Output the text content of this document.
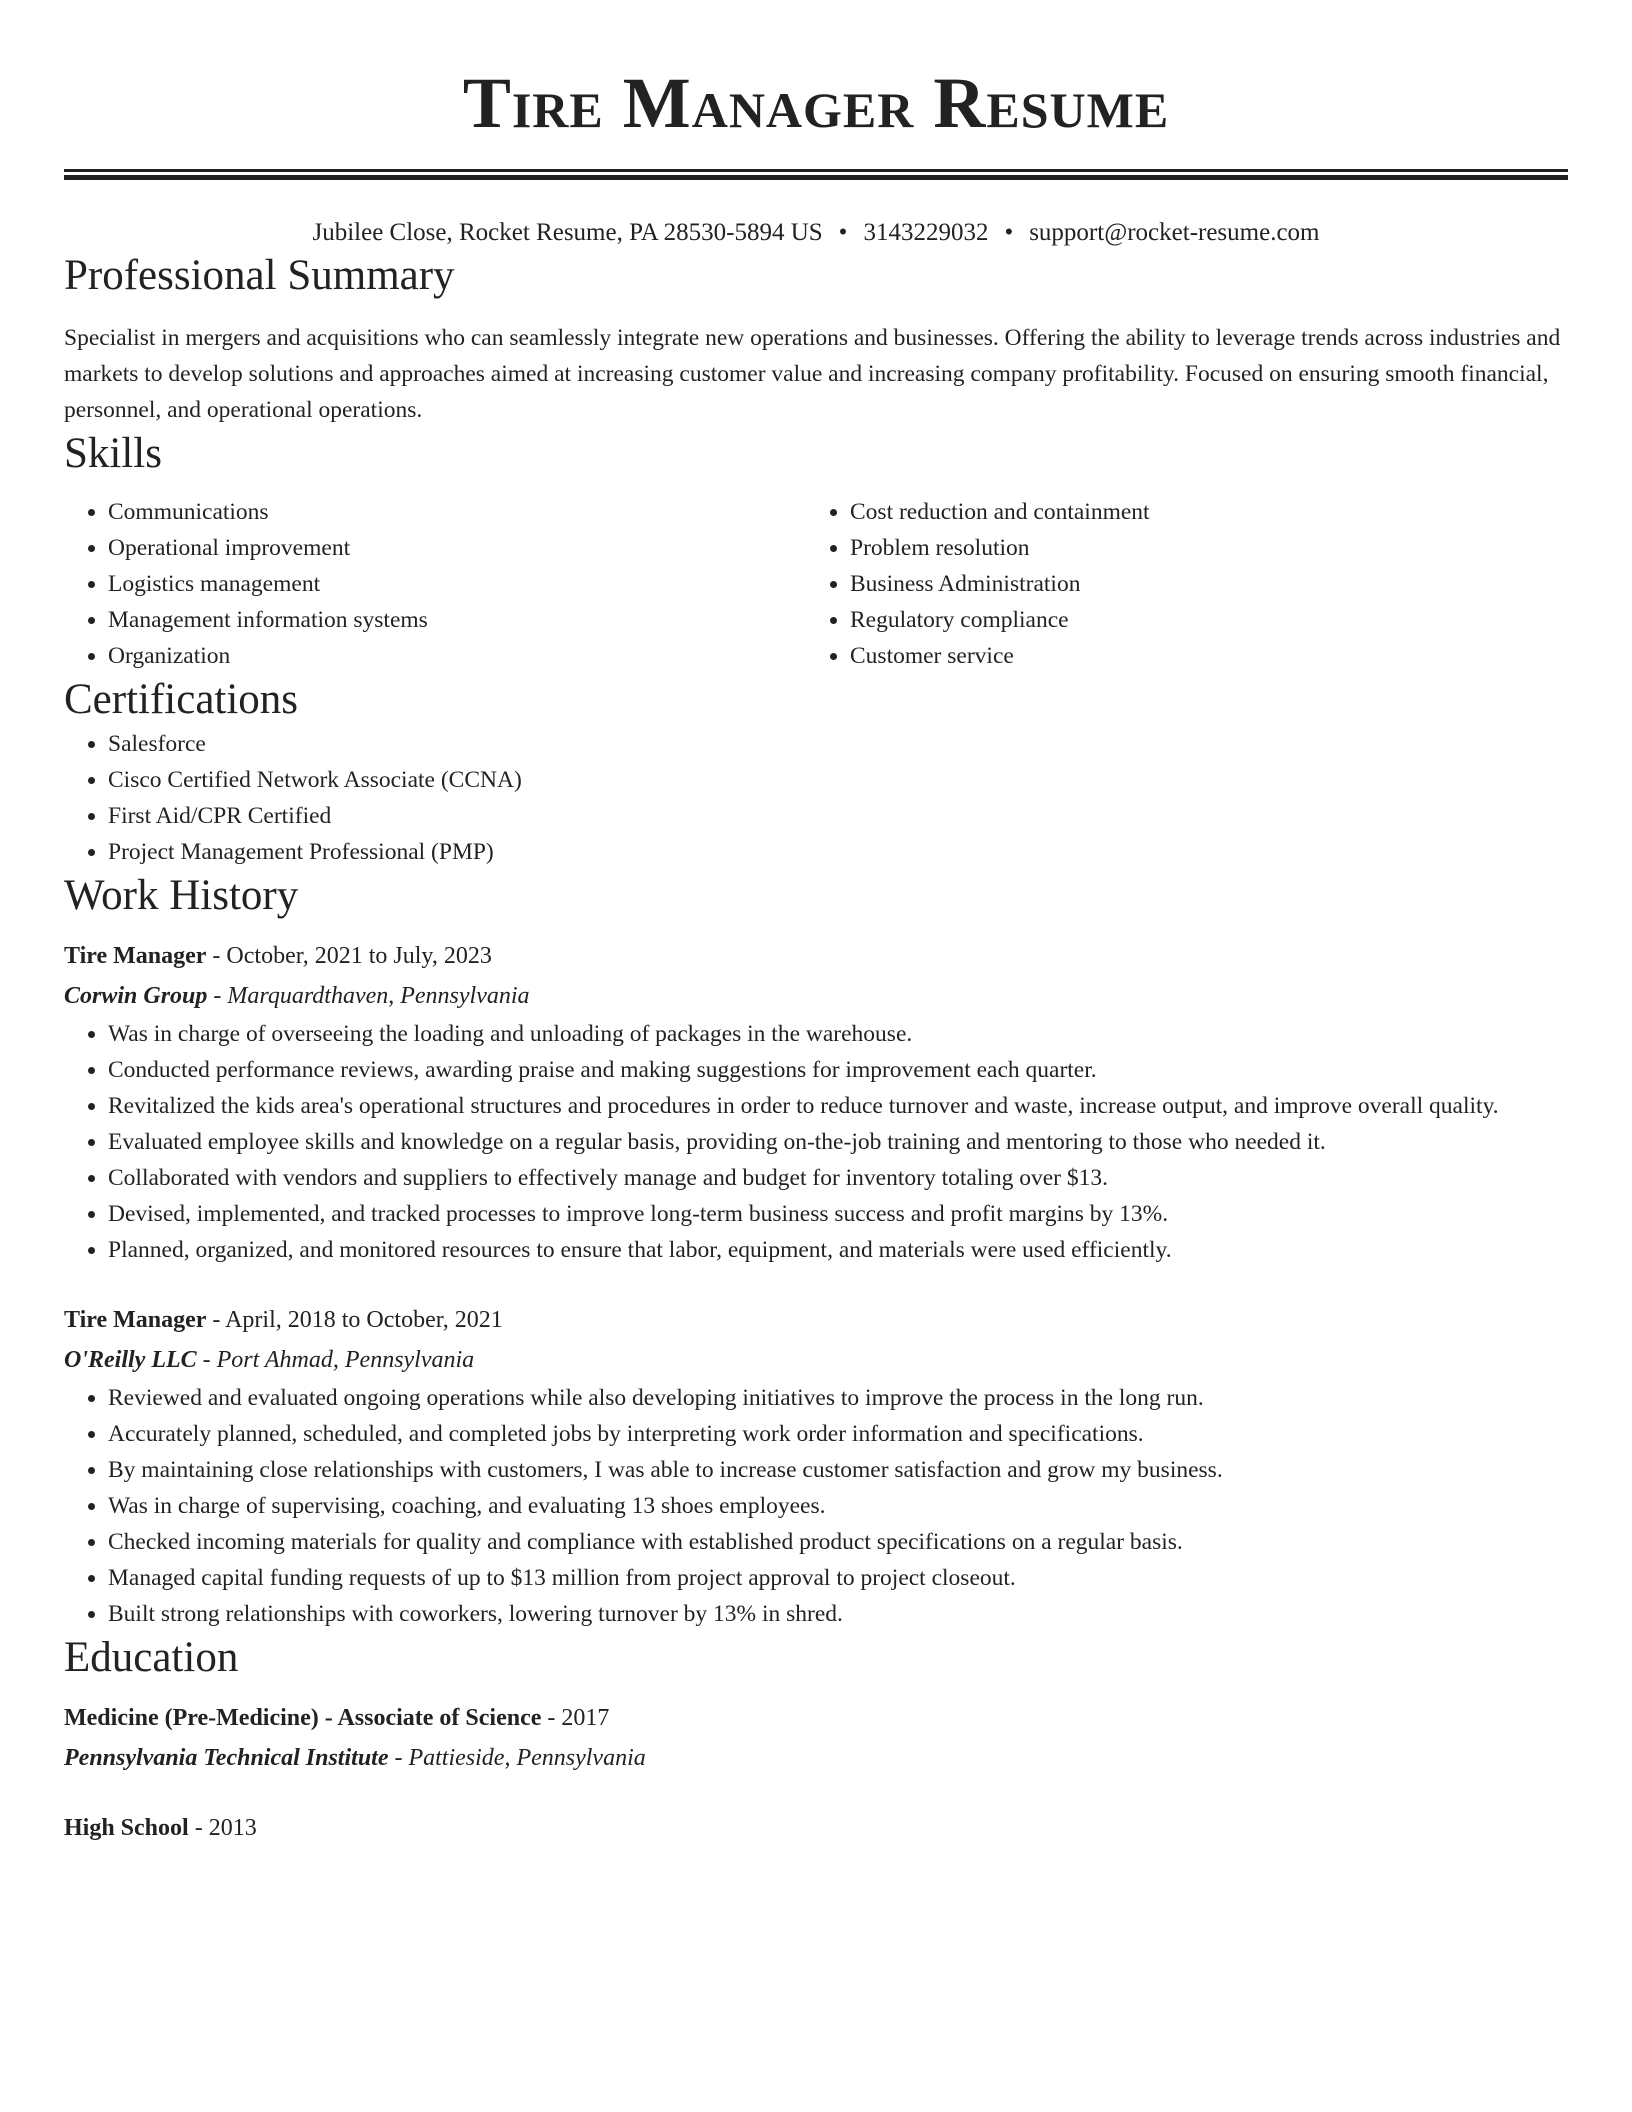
Tire Manager Resume
Jubilee Close, Rocket Resume, PA 28530-5894 US • 3143229032 • support@rocket-resume.com
Professional Summary

Specialist in mergers and acquisitions who can seamlessly integrate new operations and businesses. Offering the ability to leverage trends across industries and markets to develop solutions and approaches aimed at increasing customer value and increasing company profitability. Focused on ensuring smooth financial, personnel, and operational operations.

Skills
• Communications
• Operational improvement
• Logistics management
• Management information systems
• Organization
• Cost reduction and containment
• Problem resolution
• Business Administration
• Regulatory compliance
• Customer service
Certifications
• Salesforce
• Cisco Certified Network Associate (CCNA)
• First Aid/CPR Certified
• Project Management Professional (PMP)
Work History
Tire Manager - October, 2021 to July, 2023
Corwin Group - Marquardthaven, Pennsylvania
• Was in charge of overseeing the loading and unloading of packages in the warehouse.
• Conducted performance reviews, awarding praise and making suggestions for improvement each quarter.
• Revitalized the kids area's operational structures and procedures in order to reduce turnover and waste, increase output, and improve overall quality.
• Evaluated employee skills and knowledge on a regular basis, providing on-the-job training and mentoring to those who needed it.
• Collaborated with vendors and suppliers to effectively manage and budget for inventory totaling over $13.
• Devised, implemented, and tracked processes to improve long-term business success and profit margins by 13%.
• Planned, organized, and monitored resources to ensure that labor, equipment, and materials were used efficiently.
Tire Manager - April, 2018 to October, 2021
O'Reilly LLC - Port Ahmad, Pennsylvania
• Reviewed and evaluated ongoing operations while also developing initiatives to improve the process in the long run.
• Accurately planned, scheduled, and completed jobs by interpreting work order information and specifications.
• By maintaining close relationships with customers, I was able to increase customer satisfaction and grow my business.
• Was in charge of supervising, coaching, and evaluating 13 shoes employees.
• Checked incoming materials for quality and compliance with established product specifications on a regular basis.
• Managed capital funding requests of up to $13 million from project approval to project closeout.
• Built strong relationships with coworkers, lowering turnover by 13% in shred.
Education
Medicine (Pre-Medicine) - Associate of Science - 2017
Pennsylvania Technical Institute - Pattieside, Pennsylvania
High School - 2013
